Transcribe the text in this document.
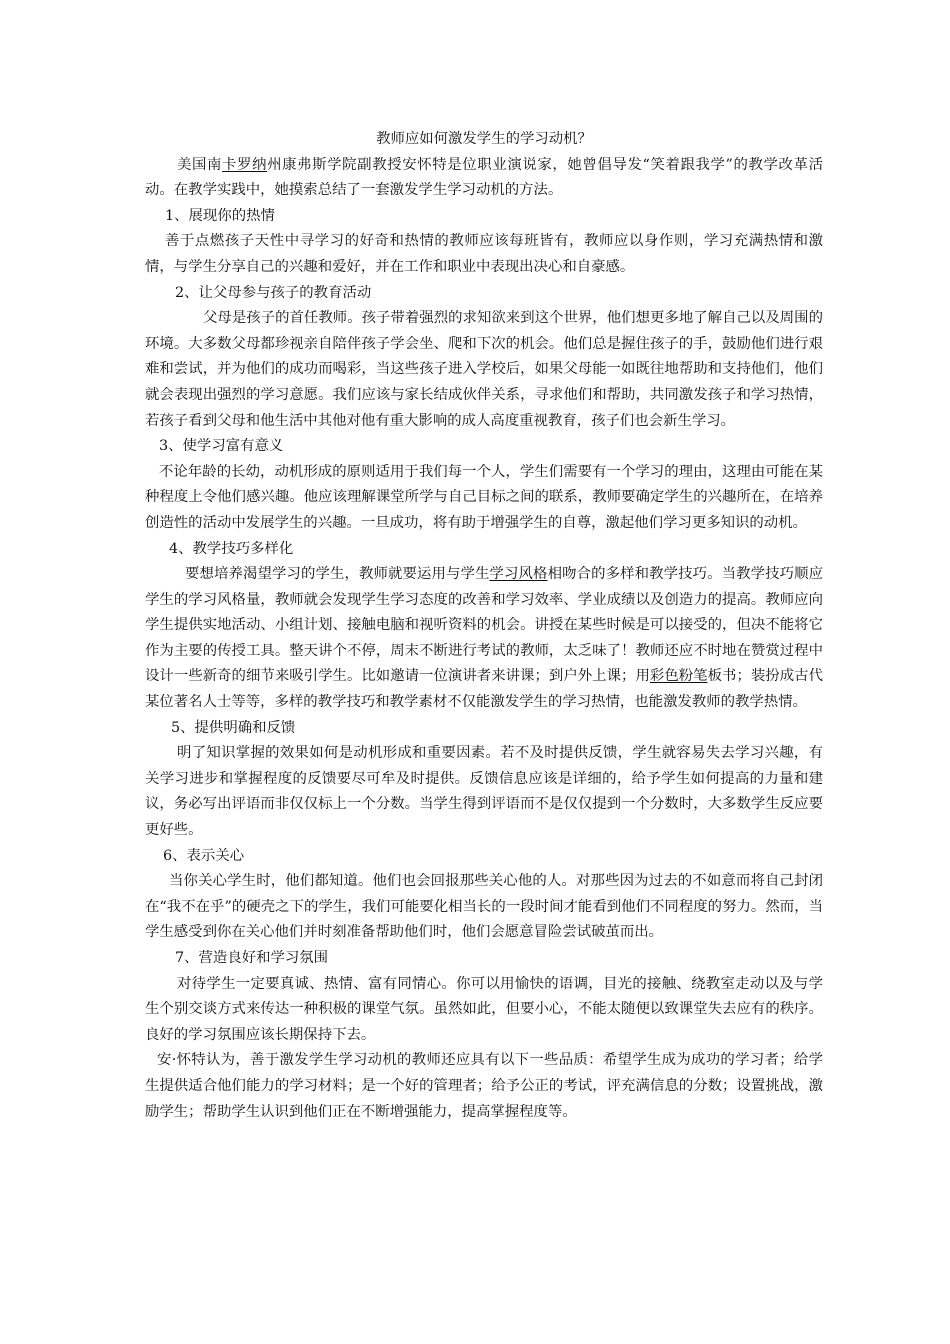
教师应如何激发学生的学习动机？

美国南卡罗纳州康弗斯学院副教授安怀特是位职业演说家，她曾倡导发“笑着跟我学”的教学改革活动。在教学实践中，她摸索总结了一套激发学生学习动机的方法。

1、展现你的热情

善于点燃孩子天性中寻学习的好奇和热情的教师应该每班皆有，教师应以身作则，学习充满热情和激情，与学生分享自己的兴趣和爱好，并在工作和职业中表现出决心和自豪感。

2、让父母参与孩子的教育活动

父母是孩子的首任教师。孩子带着强烈的求知欲来到这个世界，他们想更多地了解自己以及周围的环境。大多数父母都珍视亲自陪伴孩子学会坐、爬和下次的机会。他们总是握住孩子的手，鼓励他们进行艰难和尝试，并为他们的成功而喝彩，当这些孩子进入学校后，如果父母能一如既往地帮助和支持他们，他们就会表现出强烈的学习意愿。我们应该与家长结成伙伴关系，寻求他们和帮助，共同激发孩子和学习热情，若孩子看到父母和他生活中其他对他有重大影响的成人高度重视教育，孩子们也会新生学习。

3、使学习富有意义

不论年龄的长幼，动机形成的原则适用于我们每一个人，学生们需要有一个学习的理由，这理由可能在某种程度上令他们感兴趣。他应该理解课堂所学与自己目标之间的联系，教师要确定学生的兴趣所在，在培养创造性的活动中发展学生的兴趣。一旦成功，将有助于增强学生的自尊，激起他们学习更多知识的动机。

4、教学技巧多样化

要想培养渴望学习的学生，教师就要运用与学生学习风格相吻合的多样和教学技巧。当教学技巧顺应学生的学习风格量，教师就会发现学生学习态度的改善和学习效率、学业成绩以及创造力的提高。教师应向学生提供实地活动、小组计划、接触电脑和视听资料的机会。讲授在某些时候是可以接受的，但决不能将它作为主要的传授工具。整天讲个不停，周末不断进行考试的教师，太乏味了！教师还应不时地在赞赏过程中设计一些新奇的细节来吸引学生。比如邀请一位演讲者来讲课；到户外上课；用彩色粉笔板书；装扮成古代某位著名人士等等，多样的教学技巧和教学素材不仅能激发学生的学习热情，也能激发教师的教学热情。

5、提供明确和反馈

明了知识掌握的效果如何是动机形成和重要因素。若不及时提供反馈，学生就容易失去学习兴趣，有关学习进步和掌握程度的反馈要尽可牟及时提供。反馈信息应该是详细的，给予学生如何提高的力量和建议，务必写出评语而非仅仅标上一个分数。当学生得到评语而不是仅仅提到一个分数时，大多数学生反应要更好些。

6、表示关心

当你关心学生时，他们都知道。他们也会回报那些关心他的人。对那些因为过去的不如意而将自己封闭在“我不在乎”的硬壳之下的学生，我们可能要化相当长的一段时间才能看到他们不同程度的努力。然而，当学生感受到你在关心他们并时刻准备帮助他们时，他们会愿意冒险尝试破茧而出。

7、营造良好和学习氛围

对待学生一定要真诚、热情、富有同情心。你可以用愉快的语调，目光的接触、绕教室走动以及与学生个别交谈方式来传达一种积极的课堂气氛。虽然如此，但要小心，不能太随便以致课堂失去应有的秩序。良好的学习氛围应该长期保持下去。

安·怀特认为，善于激发学生学习动机的教师还应具有以下一些品质：希望学生成为成功的学习者；给学生提供适合他们能力的学习材料；是一个好的管理者；给予公正的考试，评充满信息的分数；设置挑战，激励学生；帮助学生认识到他们正在不断增强能力，提高掌握程度等。
